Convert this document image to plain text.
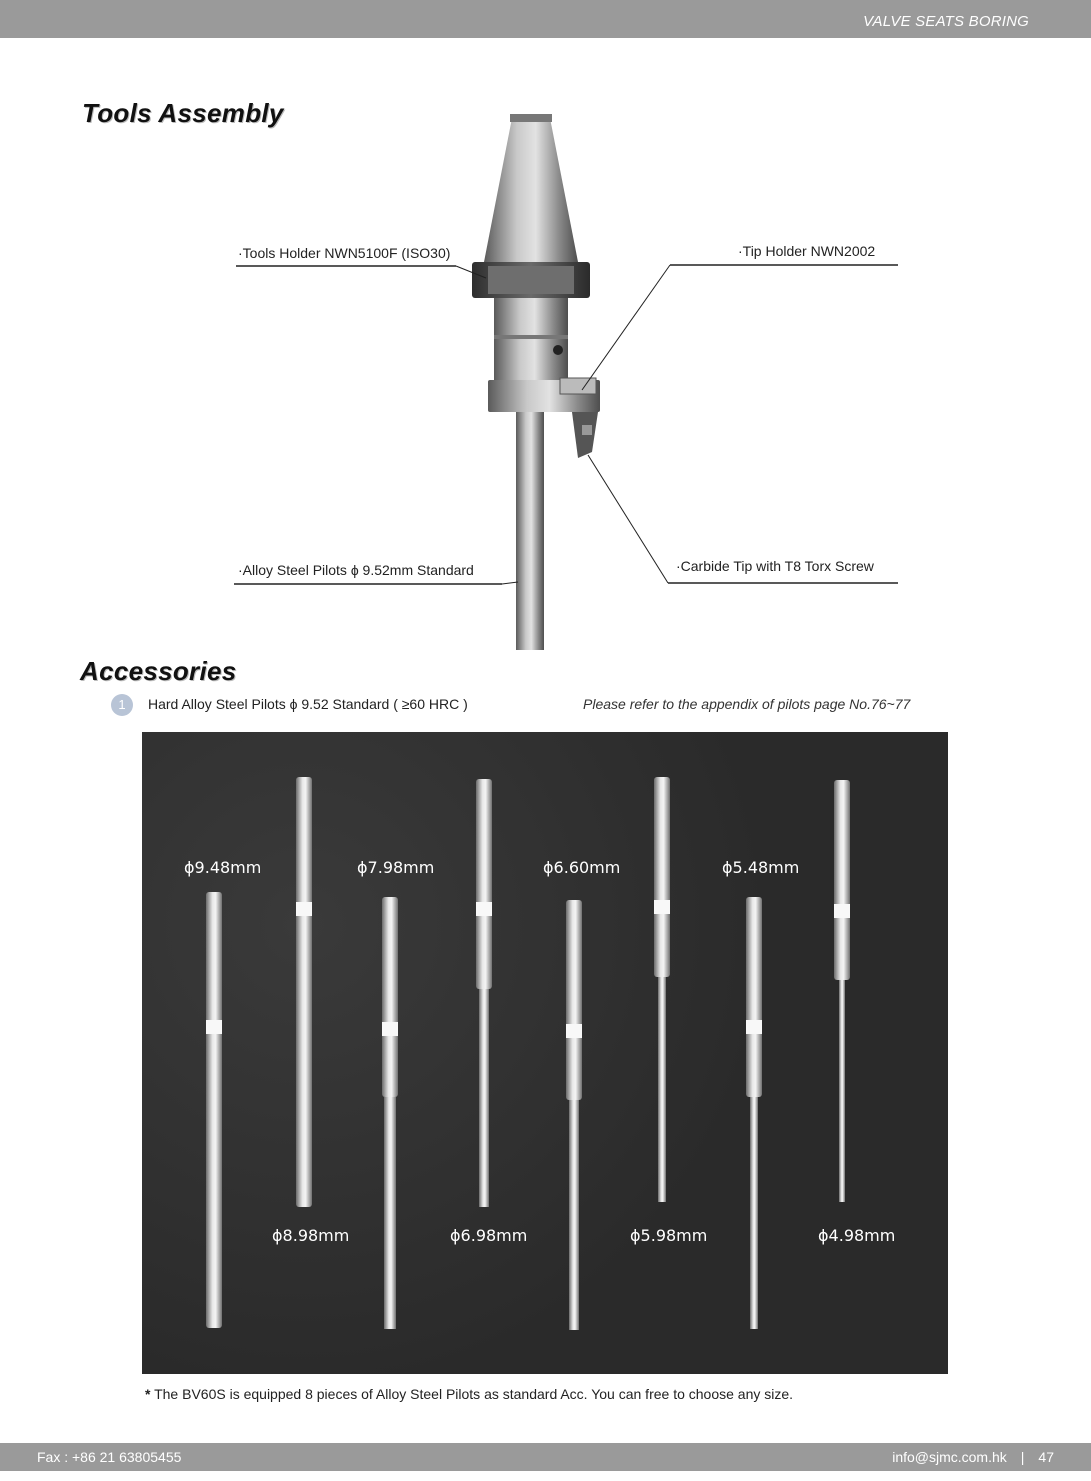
VALVE SEATS BORING
Tools Assembly
·Tools Holder NWN5100F (ISO30)	·Tip Holder NWN2002
·Alloy Steel Pilots ϕ 9.52mm Standard	·Carbide Tip with T8 Torx Screw
Accessories
1	Hard Alloy Steel Pilots ϕ 9.52 Standard ( ≥60 HRC )	Please refer to the appendix of pilots page No.76~77
ϕ9.48mm	ϕ7.98mm	ϕ6.60mm	ϕ5.48mm
ϕ8.98mm	ϕ6.98mm	ϕ5.98mm	ϕ4.98mm
* The BV60S is equipped 8 pieces of Alloy Steel Pilots as standard Acc. You can free to choose any size.
Fax : +86 21 63805455	info@sjmc.com.hk | 47
